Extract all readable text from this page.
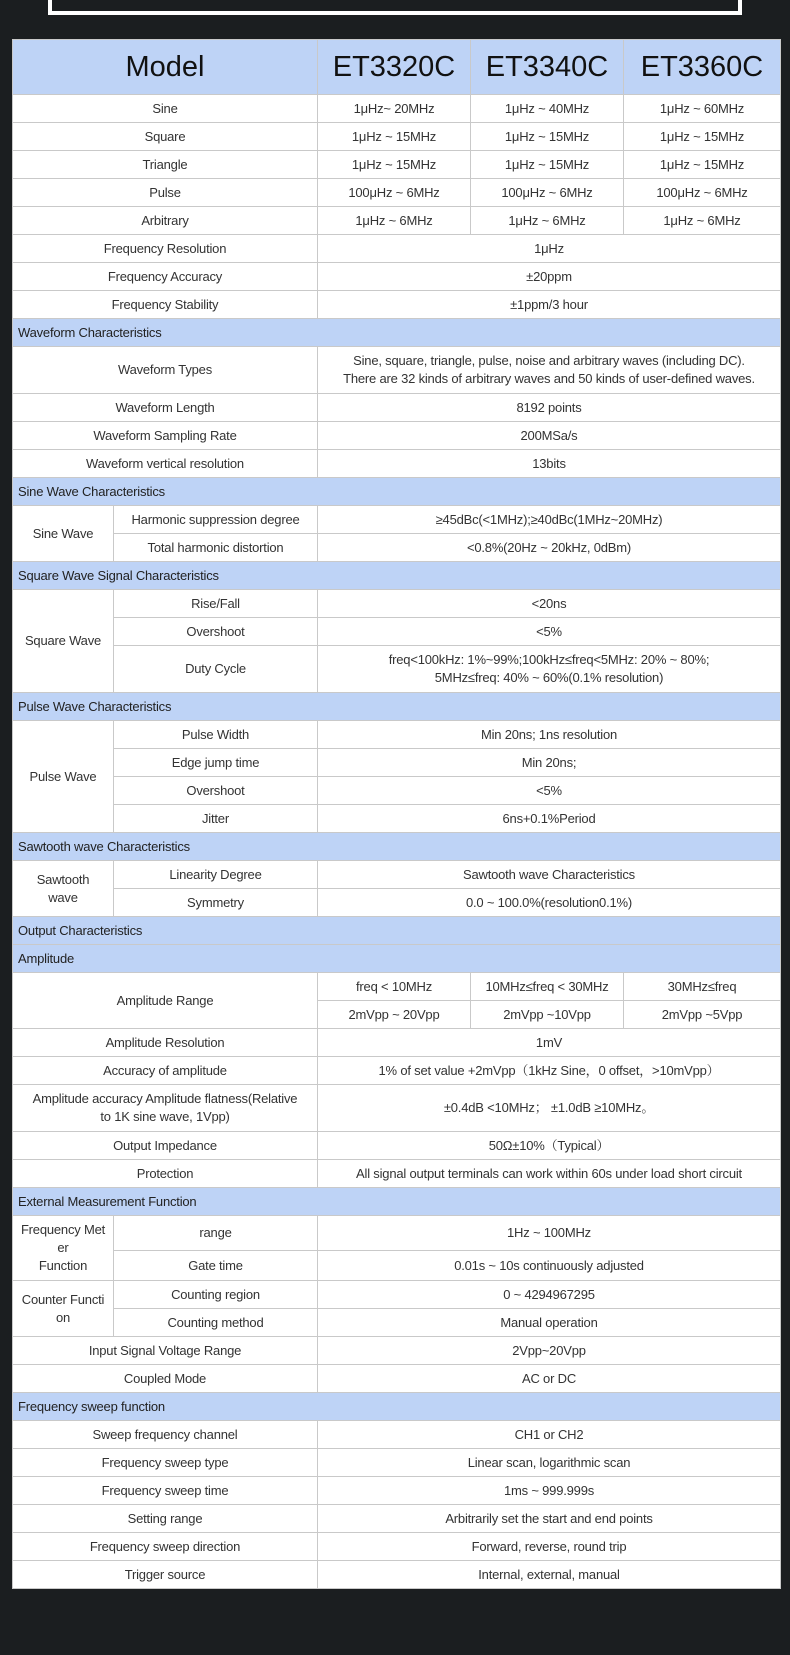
Model		ET3320C	ET3340C	ET3360C
Sine		1μHz~ 20MHz	1μHz ~ 40MHz	1μHz ~ 60MHz
Square		1μHz ~ 15MHz	1μHz ~ 15MHz	1μHz ~ 15MHz
Triangle		1μHz ~ 15MHz	1μHz ~ 15MHz	1μHz ~ 15MHz
Pulse		100μHz ~ 6MHz	100μHz ~ 6MHz	100μHz ~ 6MHz
Arbitrary		1μHz ~ 6MHz	1μHz ~ 6MHz	1μHz ~ 6MHz
Frequency Resolution		1μHz		
Frequency Accuracy		±20ppm		
Frequency Stability		±1ppm/3 hour		
Waveform Characteristics				
Waveform Types		Sine, square, triangle, pulse, noise and arbitrary waves (including DC).
There are 32 kinds of arbitrary waves and 50 kinds of user-defined waves.		
Waveform Length		8192 points		
Waveform Sampling Rate		200MSa/s		
Waveform vertical resolution		13bits		
Sine Wave Characteristics				
Sine Wave	Harmonic suppression degree	≥45dBc(<1MHz);≥40dBc(1MHz~20MHz)		
	Total harmonic distortion	<0.8%(20Hz ~ 20kHz, 0dBm)		
Square Wave Signal Characteristics				
Square Wave	Rise/Fall	<20ns		
	Overshoot	<5%		
	Duty Cycle	freq<100kHz: 1%~99%;100kHz≤freq<5MHz: 20% ~ 80%;
5MHz≤freq: 40% ~ 60%(0.1% resolution)		
Pulse Wave Characteristics				
Pulse Wave	Pulse Width	Min 20ns; 1ns resolution		
	Edge jump time	Min 20ns;		
	Overshoot	<5%		
	Jitter	6ns+0.1%Period		
Sawtooth wave Characteristics				
Sawtooth
wave	Linearity Degree	Sawtooth wave Characteristics		
	Symmetry	0.0 ~ 100.0%(resolution0.1%)		
Output Characteristics				
Amplitude				
Amplitude Range		freq < 10MHz	10MHz≤freq < 30MHz	30MHz≤freq
		2mVpp ~ 20Vpp	2mVpp ~10Vpp	2mVpp ~5Vpp
Amplitude Resolution		1mV		
Accuracy of amplitude		1% of set value +2mVpp（1kHz Sine，0 offset，>10mVpp）		
Amplitude accuracy Amplitude flatness(Relative
to 1K sine wave, 1Vpp)		±0.4dB <10MHz； ±1.0dB ≥10MHz。		
Output Impedance		50Ω±10%（Typical）		
Protection		All signal output terminals can work within 60s under load short circuit		
External Measurement Function				
Frequency Met
er
Function	range	1Hz ~ 100MHz		
	Gate time	0.01s ~ 10s continuously adjusted		
Counter Functi
on	Counting region	0 ~ 4294967295		
	Counting method	Manual operation		
Input Signal Voltage Range		2Vpp~20Vpp		
Coupled Mode		AC or DC		
Frequency sweep function				
Sweep frequency channel		CH1 or CH2		
Frequency sweep type		Linear scan, logarithmic scan		
Frequency sweep time		1ms ~ 999.999s		
Setting range		Arbitrarily set the start and end points		
Frequency sweep direction		Forward, reverse, round trip		
Trigger source		Internal, external, manual		
